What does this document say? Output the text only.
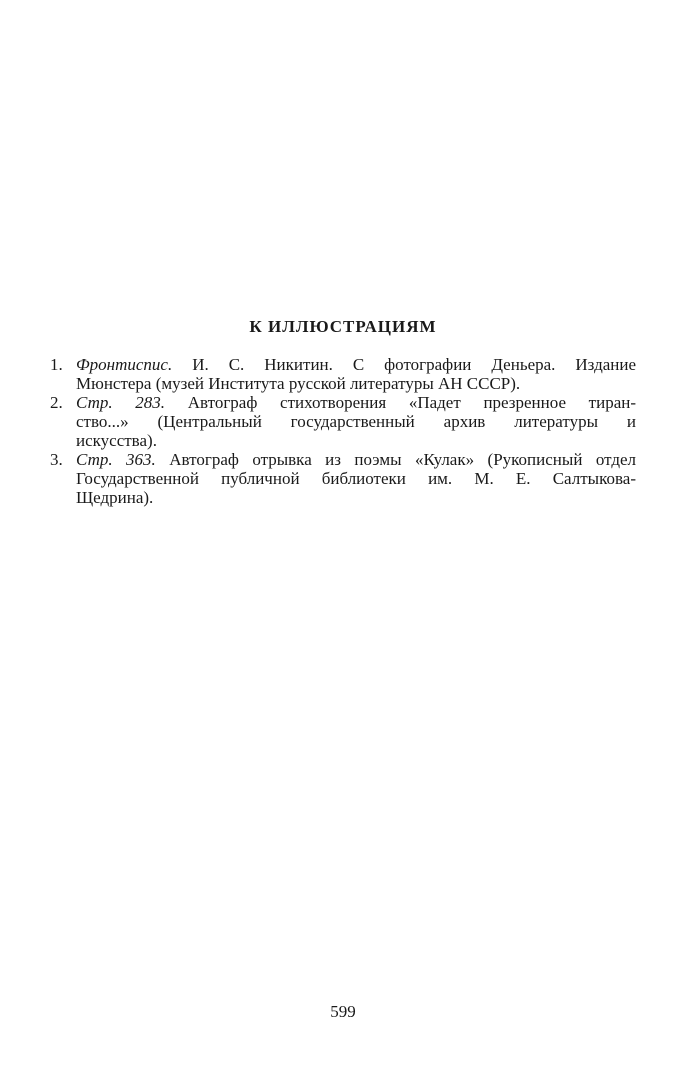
К ИЛЛЮСТРАЦИЯМ
1. Фронтиспис. И. С. Никитин. С фотографии Деньера. Издание
Мюнстера (музей Института русской литературы АН СССР).
2. Стр. 283. Автограф стихотворения «Падет презренное тиран-
ство...» (Центральный государственный архив литературы и
искусства).
3. Стр. 363. Автограф отрывка из поэмы «Кулак» (Рукописный отдел
Государственной публичной библиотеки им. М. Е. Салтыкова-
Щедрина).
599
